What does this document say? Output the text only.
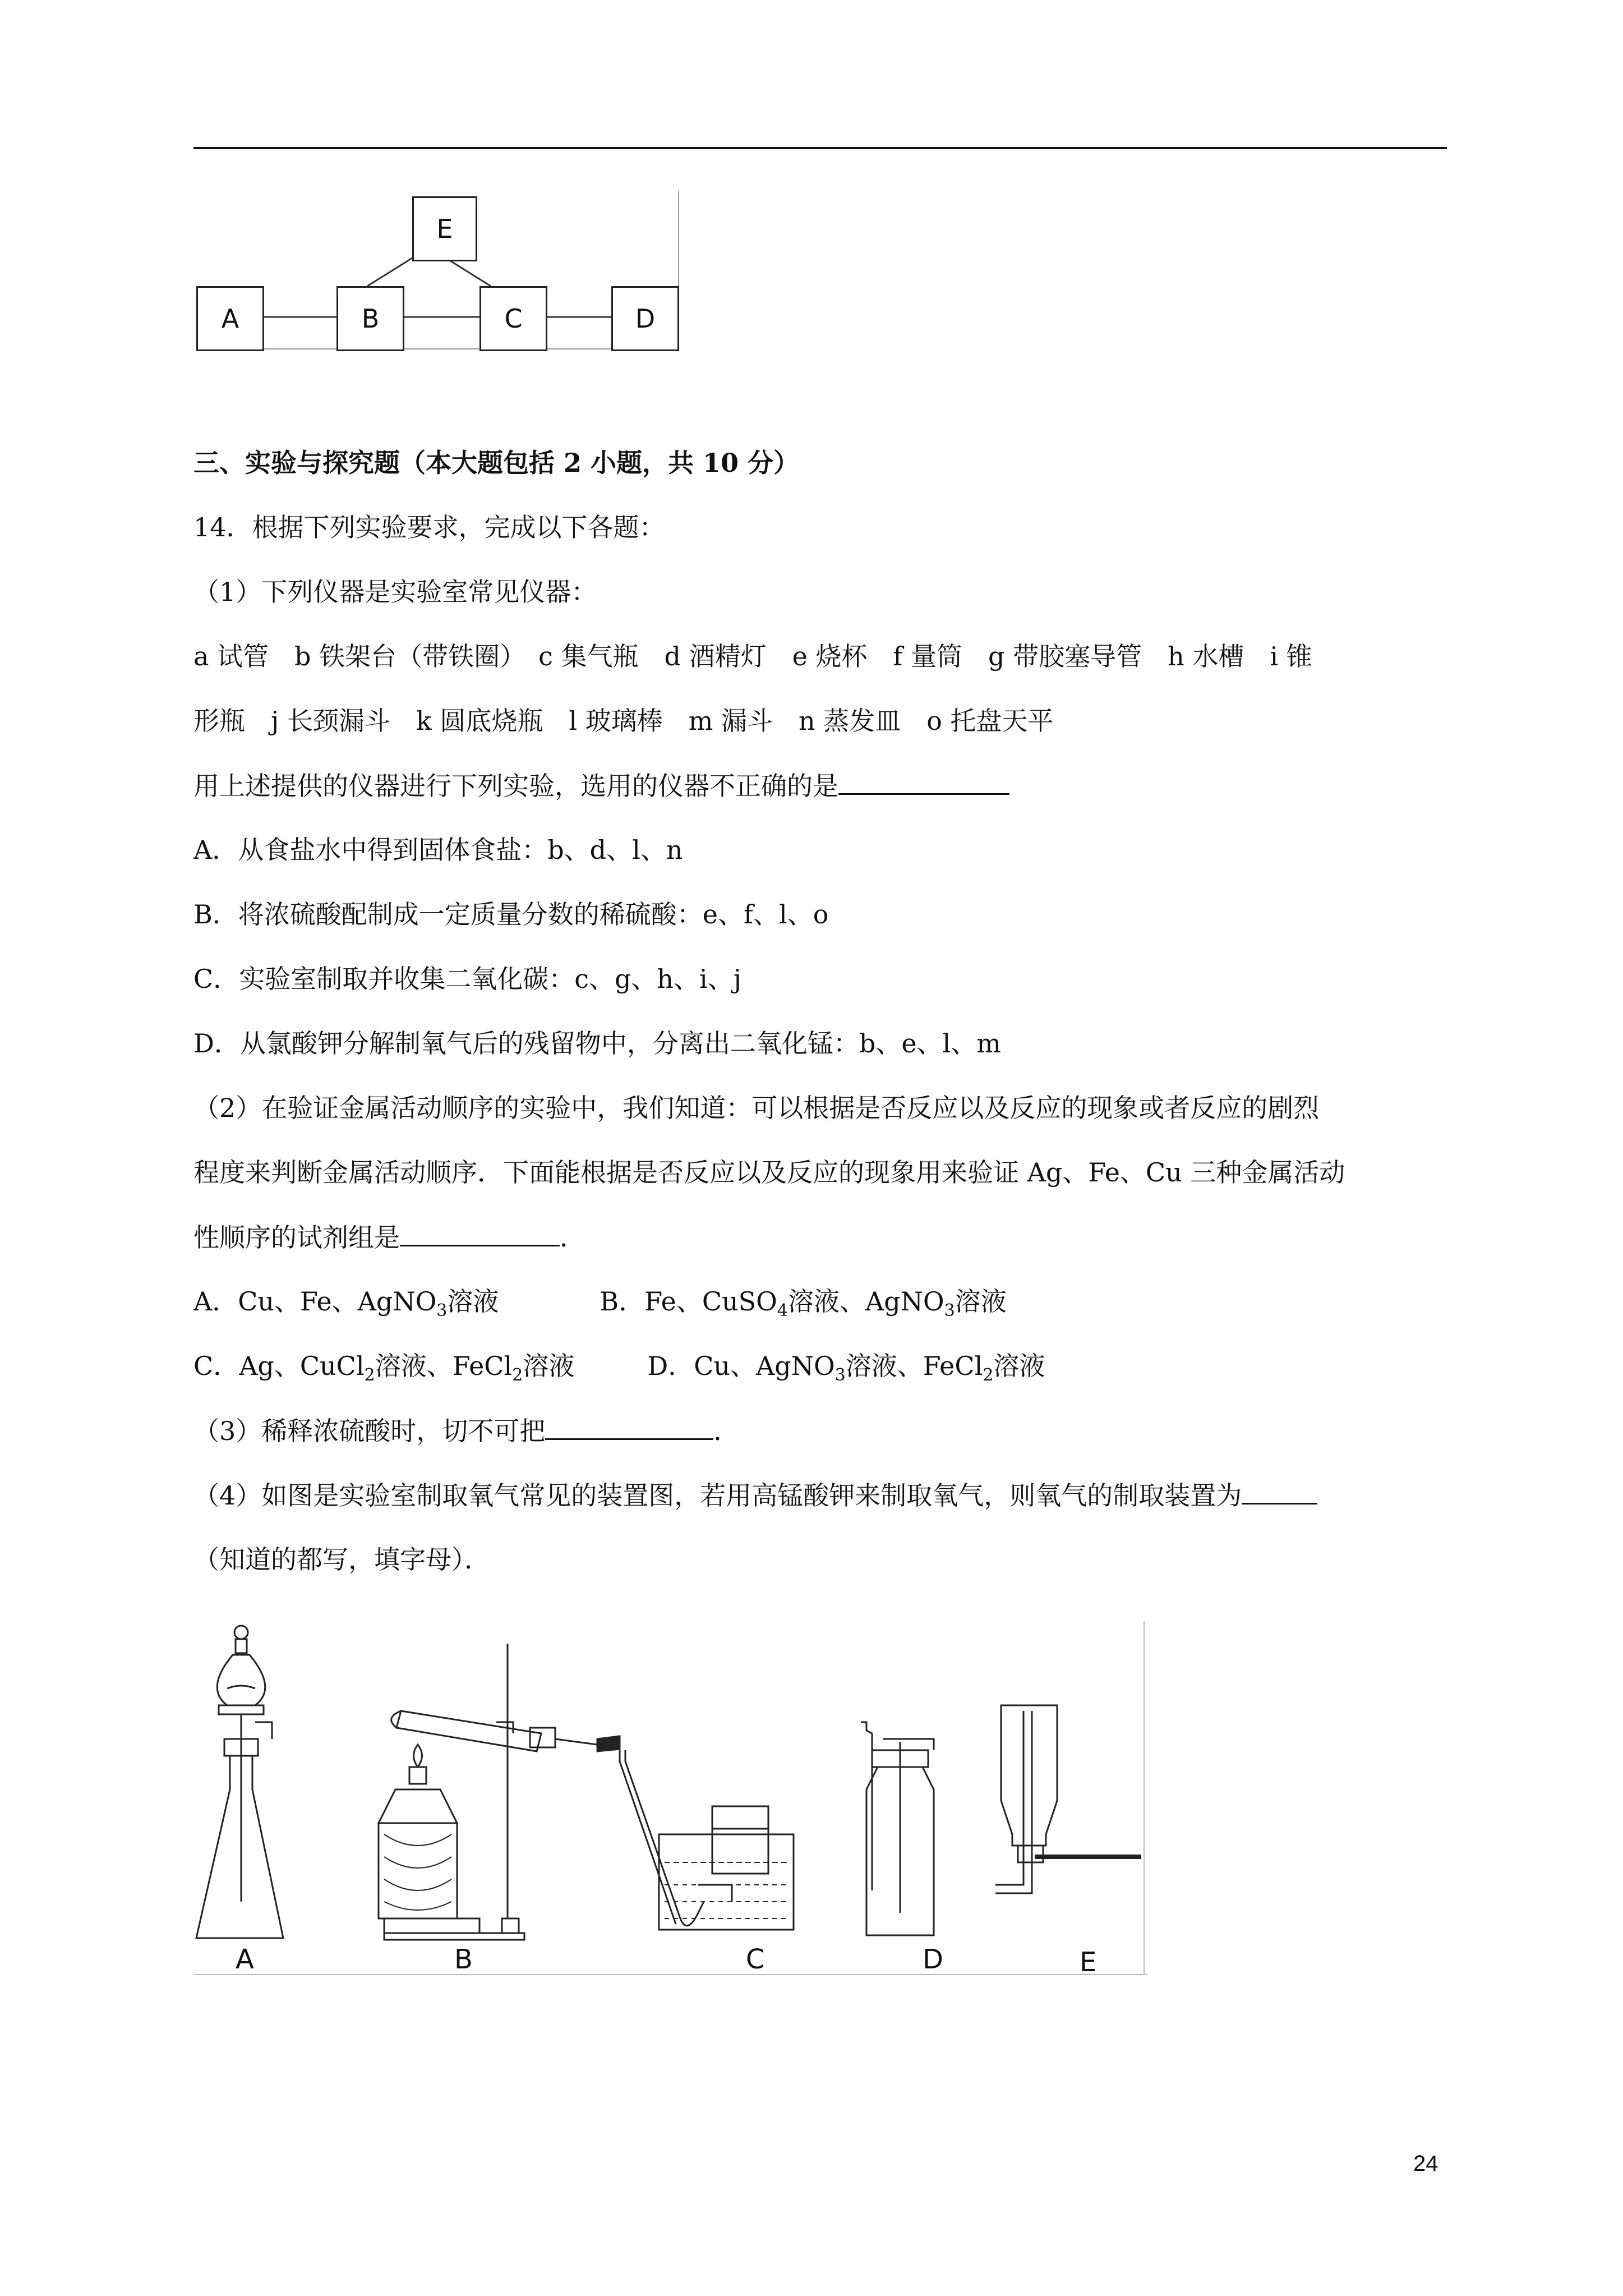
E
A	B	C	D
三、实验与探究题（本大题包括 2 小题，共 10 分）
14．根据下列实验要求，完成以下各题：
（1）下列仪器是实验室常见仪器：
a 试管　b 铁架台（带铁圈）　c 集气瓶　d 酒精灯　e 烧杯　f 量筒　g 带胶塞导管　h 水槽　i 锥
形瓶　j 长颈漏斗　k 圆底烧瓶　l 玻璃棒　m 漏斗　n 蒸发皿　o 托盘天平
用上述提供的仪器进行下列实验，选用的仪器不正确的是
A．从食盐水中得到固体食盐：b、d、l、n
B．将浓硫酸配制成一定质量分数的稀硫酸：e、f、l、o
C．实验室制取并收集二氧化碳：c、g、h、i、j
D．从氯酸钾分解制氧气后的残留物中，分离出二氧化锰：b、e、l、m
（2）在验证金属活动顺序的实验中，我们知道：可以根据是否反应以及反应的现象或者反应的剧烈
程度来判断金属活动顺序．下面能根据是否反应以及反应的现象用来验证 Ag、Fe、Cu 三种金属活动
性顺序的试剂组是	．
A．Cu、Fe、AgNO$_3$溶液	B．Fe、CuSO$_4$溶液、AgNO$_3$溶液
C．Ag、CuCl$_2$溶液、FeCl$_2$溶液	D．Cu、AgNO$_3$溶液、FeCl$_2$溶液
（3）稀释浓硫酸时，切不可把	．
（4）如图是实验室制取氧气常见的装置图，若用高锰酸钾来制取氧气，则氧气的制取装置为
（知道的都写，填字母）．
A	B	C	D	E
24
